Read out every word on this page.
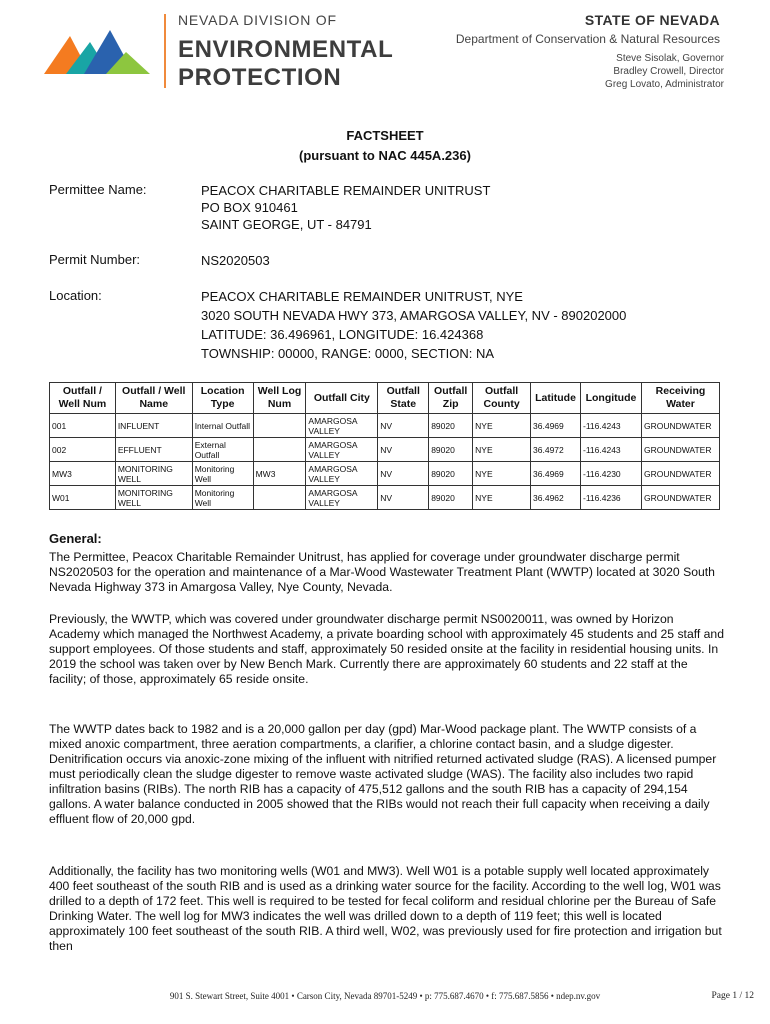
NEVADA DIVISION OF
ENVIRONMENTAL
PROTECTION
STATE OF NEVADA
Department of Conservation & Natural Resources
Steve Sisolak, Governor
Bradley Crowell, Director
Greg Lovato, Administrator
FACTSHEET
(pursuant to NAC 445A.236)
Permittee Name:	PEACOX CHARITABLE REMAINDER UNITRUST
PO BOX 910461
SAINT GEORGE, UT - 84791
Permit Number:	NS2020503
Location:	PEACOX CHARITABLE REMAINDER UNITRUST, NYE
3020 SOUTH NEVADA HWY 373, AMARGOSA VALLEY, NV - 890202000
LATITUDE: 36.496961, LONGITUDE: 16.424368
TOWNSHIP: 00000, RANGE: 0000, SECTION: NA
Outfall / Well Num	Outfall / Well Name	Location Type	Well Log Num	Outfall City	Outfall State	Outfall Zip	Outfall County	Latitude	Longitude	Receiving Water
001	INFLUENT	Internal Outfall		AMARGOSA VALLEY	NV	89020	NYE	36.4969	-116.4243	GROUNDWATER
002	EFFLUENT	External Outfall		AMARGOSA VALLEY	NV	89020	NYE	36.4972	-116.4243	GROUNDWATER
MW3	MONITORING WELL	Monitoring Well	MW3	AMARGOSA VALLEY	NV	89020	NYE	36.4969	-116.4230	GROUNDWATER
W01	MONITORING WELL	Monitoring Well		AMARGOSA VALLEY	NV	89020	NYE	36.4962	-116.4236	GROUNDWATER
General:
The Permittee, Peacox Charitable Remainder Unitrust, has applied for coverage under groundwater discharge permit NS2020503 for the operation and maintenance of a Mar-Wood Wastewater Treatment Plant (WWTP) located at 3020 South Nevada Highway 373 in Amargosa Valley, Nye County, Nevada.
Previously, the WWTP, which was covered under groundwater discharge permit NS0020011, was owned by Horizon Academy which managed the Northwest Academy, a private boarding school with approximately 45 students and 25 staff and support employees. Of those students and staff, approximately 50 resided onsite at the facility in residential housing units. In 2019 the school was taken over by New Bench Mark. Currently there are approximately 60 students and 22 staff at the facility; of those, approximately 65 reside onsite.
The WWTP dates back to 1982 and is a 20,000 gallon per day (gpd) Mar-Wood package plant. The WWTP consists of a mixed anoxic compartment, three aeration compartments, a clarifier, a chlorine contact basin, and a sludge digester. Denitrification occurs via anoxic-zone mixing of the influent with nitrified returned activated sludge (RAS). A licensed pumper must periodically clean the sludge digester to remove waste activated sludge (WAS). The facility also includes two rapid infiltration basins (RIBs). The north RIB has a capacity of 475,512 gallons and the south RIB has a capacity of 294,154 gallons. A water balance conducted in 2005 showed that the RIBs would not reach their full capacity when receiving a daily effluent flow of 20,000 gpd.
Additionally, the facility has two monitoring wells (W01 and MW3). Well W01 is a potable supply well located approximately 400 feet southeast of the south RIB and is used as a drinking water source for the facility. According to the well log, W01 was drilled to a depth of 172 feet. This well is required to be tested for fecal coliform and residual chlorine per the Bureau of Safe Drinking Water. The well log for MW3 indicates the well was drilled down to a depth of 119 feet; this well is located approximately 100 feet southeast of the south RIB. A third well, W02, was previously used for fire protection and irrigation but then
901 S. Stewart Street, Suite 4001 • Carson City, Nevada 89701-5249 • p: 775.687.4670 • f: 775.687.5856 • ndep.nv.gov	Page 1 / 12
